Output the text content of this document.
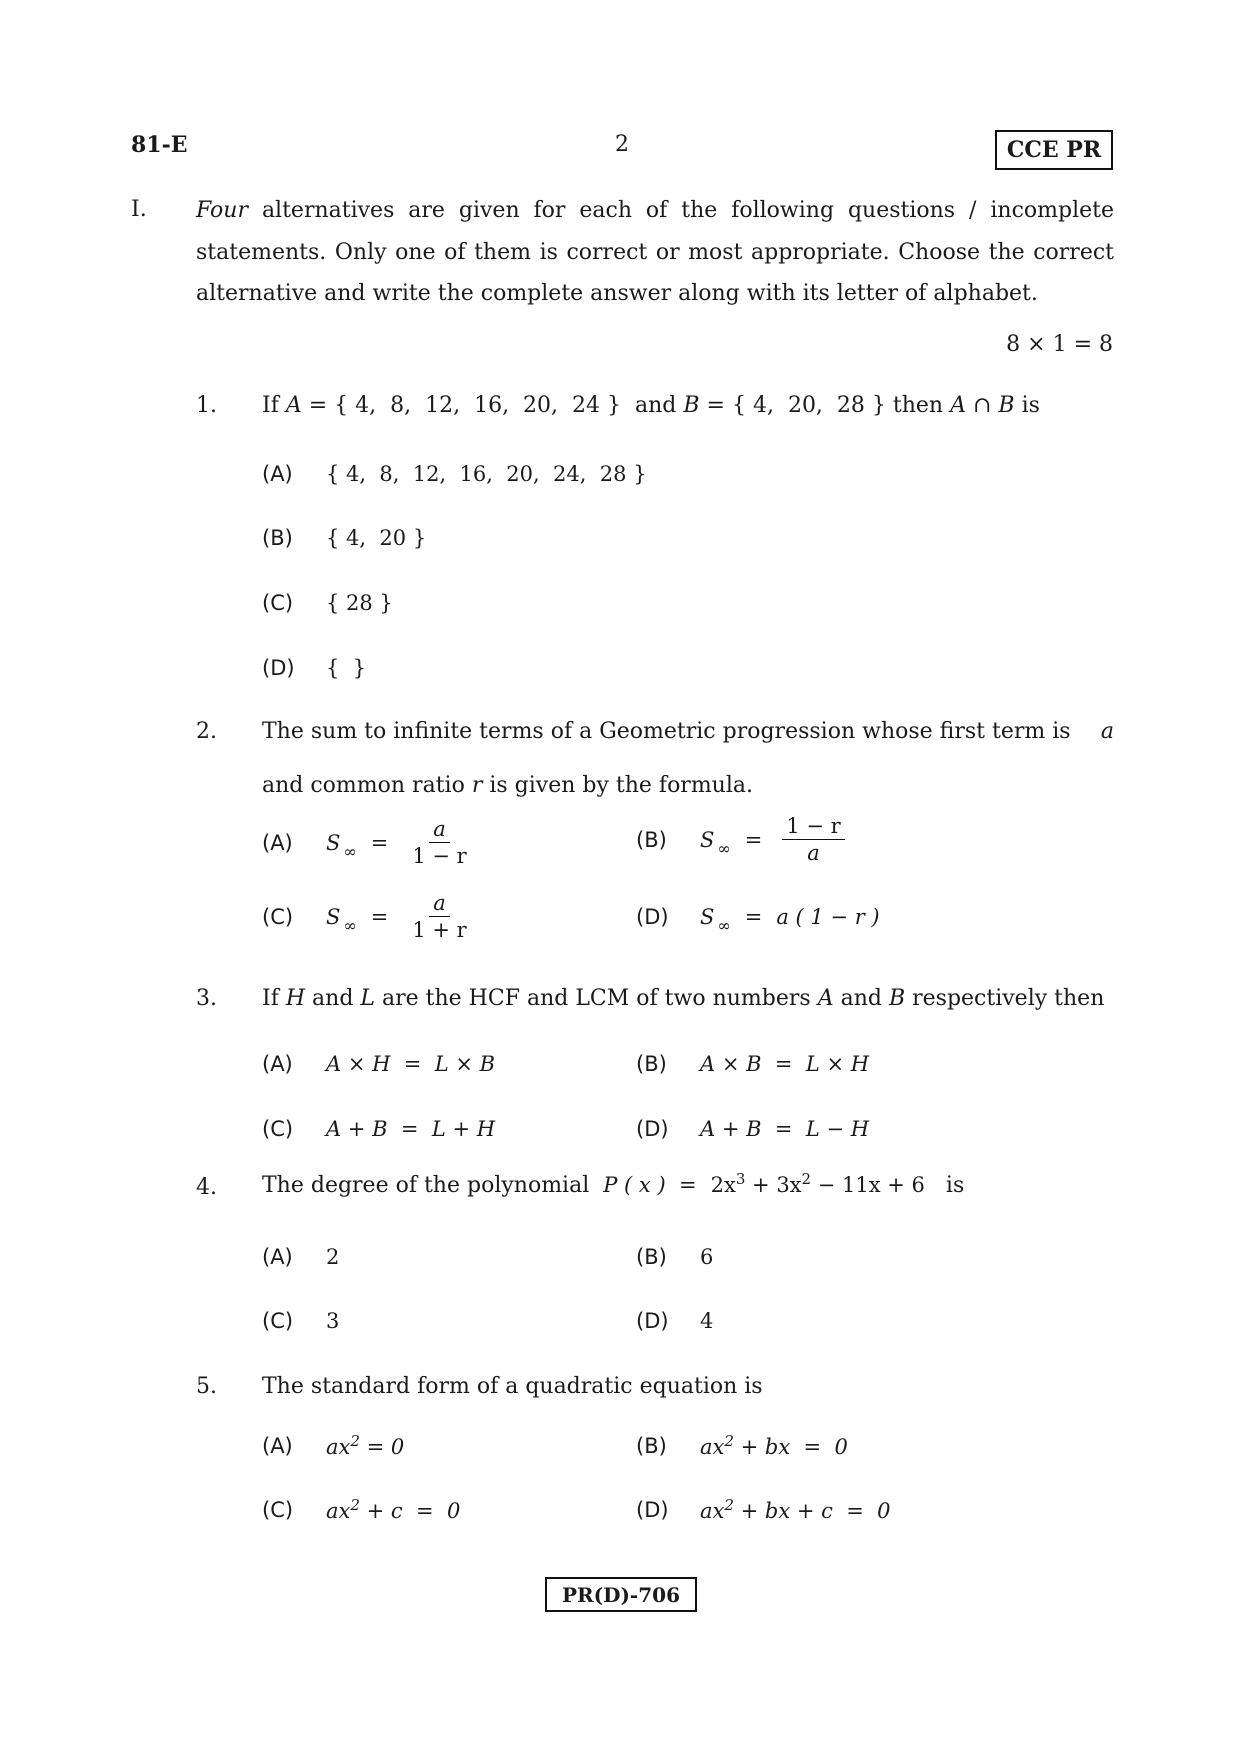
81-E	2	CCE PR
I. Four alternatives are given for each of the following questions / incomplete statements. Only one of them is correct or most appropriate. Choose the correct alternative and write the complete answer along with its letter of alphabet.
8 × 1 = 8
1. If A = { 4,  8,  12,  16,  20,  24 }  and B = { 4,  20,  28 } then A ∩ B is
(A)	{ 4,  8,  12,  16,  20,  24,  28 }
(B)	{ 4,  20 }
(C)	{ 28 }
(D)	{  }
2. The sum to infinite terms of a Geometric progression whose first term is a
and common ratio r is given by the formula.
(A)	$S_\infty = \frac{a}{1 - r}$	(B)	$S_\infty = \frac{1 - r}{a}$
(C)	$S_\infty = \frac{a}{1 + r}$	(D)	$S_\infty = a$ ( 1 − r )
3. If H and L are the HCF and LCM of two numbers A and B respectively then
(A)	A × H  =  L × B	(B)	A × B  =  L × H
(C)	A + B  =  L + H	(D)	A + B  =  L − H
4. The degree of the polynomial P ( x )  = $2x^3 + 3x^2 - 11x + 6$ is
(A)	2	(B)	6
(C)	3	(D)	4
5. The standard form of a quadratic equation is
(A)	$ax^2 = 0$	(B)	$ax^2$ + bx  =  0
(C)	$ax^2 + c = 0$	(D)	$ax^2$ + bx + c  =  0
PR(D)-706
